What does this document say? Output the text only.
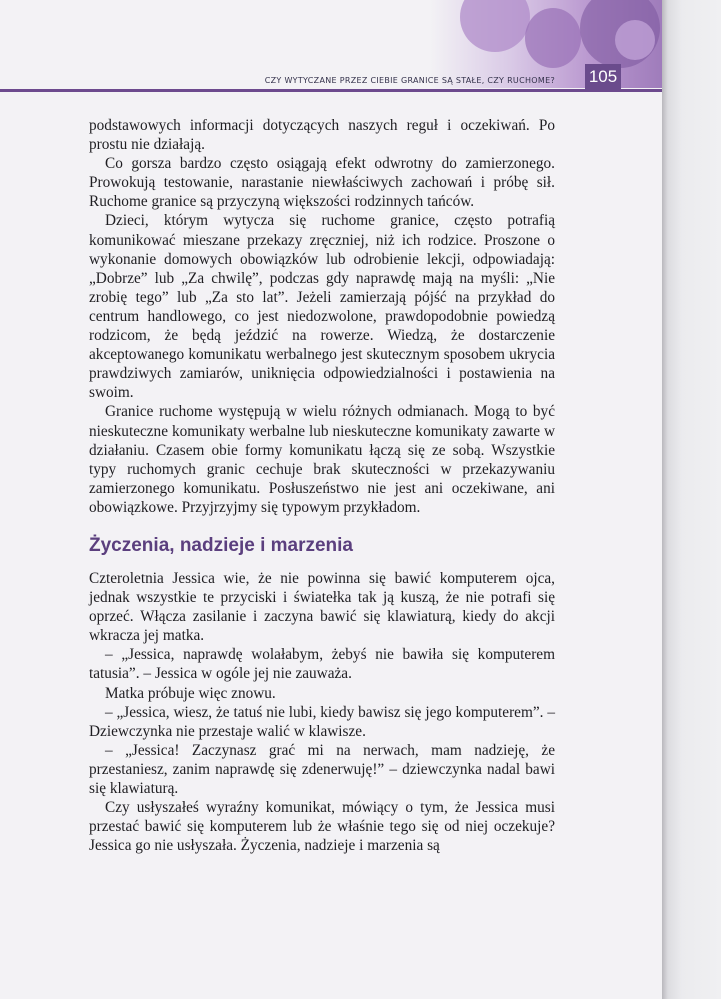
CZY WYTYCZANE PRZEZ CIEBIE GRANICE SĄ STAŁE, CZY RUCHOME? 105

podstawowych informacji dotyczących naszych reguł i oczekiwań. Po prostu nie działają.

Co gorsza bardzo często osiągają efekt odwrotny do zamierzonego. Prowokują testowanie, narastanie niewłaściwych zachowań i próbę sił. Ruchome granice są przyczyną większości rodzinnych tańców.

Dzieci, którym wytycza się ruchome granice, często potrafią komunikować mieszane przekazy zręczniej, niż ich rodzice. Proszone o wykonanie domowych obowiązków lub odrobienie lekcji, odpowiadają: „Dobrze” lub „Za chwilę”, podczas gdy naprawdę mają na myśli: „Nie zrobię tego” lub „Za sto lat”. Jeżeli zamierzają pójść na przykład do centrum handlowego, co jest niedozwolone, prawdopodobnie powiedzą rodzicom, że będą jeździć na rowerze. Wiedzą, że dostarczenie akceptowanego komunikatu werbalnego jest skutecznym sposobem ukrycia prawdziwych zamiarów, uniknięcia odpowiedzialności i postawienia na swoim.

Granice ruchome występują w wielu różnych odmianach. Mogą to być nieskuteczne komunikaty werbalne lub nieskuteczne komunikaty zawarte w działaniu. Czasem obie formy komunikatu łączą się ze sobą. Wszystkie typy ruchomych granic cechuje brak skuteczności w przekazywaniu zamierzonego komunikatu. Posłuszeństwo nie jest ani oczekiwane, ani obowiązkowe. Przyjrzyjmy się typowym przykładom.

Życzenia, nadzieje i marzenia

Czteroletnia Jessica wie, że nie powinna się bawić komputerem ojca, jednak wszystkie te przyciski i światełka tak ją kuszą, że nie potrafi się oprzeć. Włącza zasilanie i zaczyna bawić się klawiaturą, kiedy do akcji wkracza jej matka.

– „Jessica, naprawdę wolałabym, żebyś nie bawiła się komputerem tatusia”. – Jessica w ogóle jej nie zauważa.

Matka próbuje więc znowu.

– „Jessica, wiesz, że tatuś nie lubi, kiedy bawisz się jego komputerem”. – Dziewczynka nie przestaje walić w klawisze.

– „Jessica! Zaczynasz grać mi na nerwach, mam nadzieję, że przestaniesz, zanim naprawdę się zdenerwuję!” – dziewczynka nadal bawi się klawiaturą.

Czy usłyszałeś wyraźny komunikat, mówiący o tym, że Jessica musi przestać bawić się komputerem lub że właśnie tego się od niej oczekuje? Jessica go nie usłyszała. Życzenia, nadzieje i marzenia są
